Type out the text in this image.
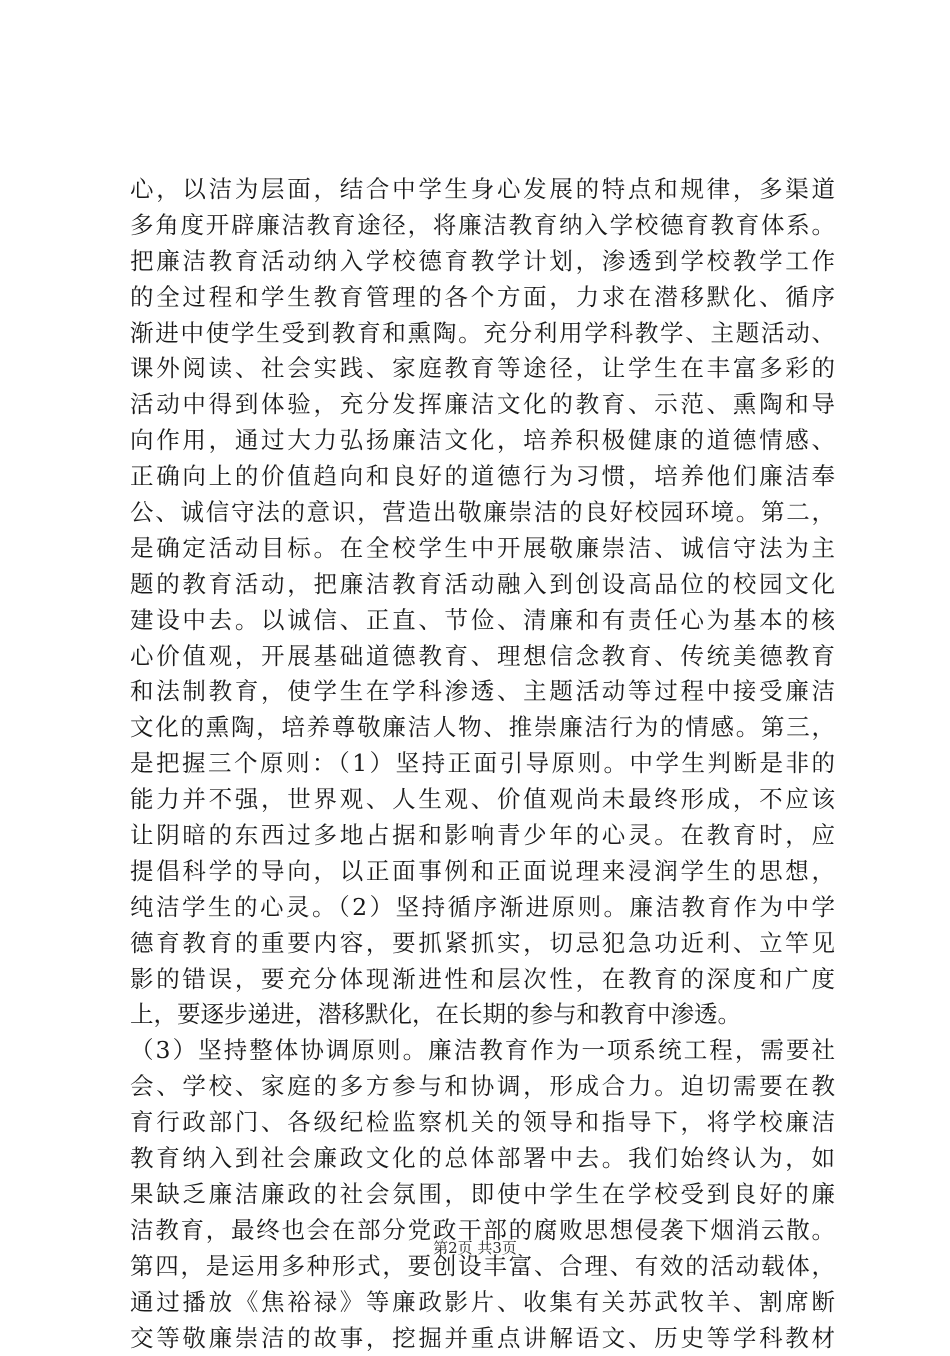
心，以洁为层面，结合中学生身心发展的特点和规律，多渠道
多角度开辟廉洁教育途径，将廉洁教育纳入学校德育教育体系。
把廉洁教育活动纳入学校德育教学计划，渗透到学校教学工作
的全过程和学生教育管理的各个方面，力求在潜移默化、循序
渐进中使学生受到教育和熏陶。充分利用学科教学、主题活动、
课外阅读、社会实践、家庭教育等途径，让学生在丰富多彩的
活动中得到体验，充分发挥廉洁文化的教育、示范、熏陶和导
向作用，通过大力弘扬廉洁文化，培养积极健康的道德情感、
正确向上的价值趋向和良好的道德行为习惯，培养他们廉洁奉
公、诚信守法的意识，营造出敬廉崇洁的良好校园环境。第二，
是确定活动目标。在全校学生中开展敬廉崇洁、诚信守法为主
题的教育活动，把廉洁教育活动融入到创设高品位的校园文化
建设中去。以诚信、正直、节俭、清廉和有责任心为基本的核
心价值观，开展基础道德教育、理想信念教育、传统美德教育
和法制教育，使学生在学科渗透、主题活动等过程中接受廉洁
文化的熏陶，培养尊敬廉洁人物、推崇廉洁行为的情感。第三，
是把握三个原则：（1）坚持正面引导原则。中学生判断是非的
能力并不强，世界观、人生观、价值观尚未最终形成，不应该
让阴暗的东西过多地占据和影响青少年的心灵。在教育时，应
提倡科学的导向，以正面事例和正面说理来浸润学生的思想，
纯洁学生的心灵。（2）坚持循序渐进原则。廉洁教育作为中学
德育教育的重要内容，要抓紧抓实，切忌犯急功近利、立竿见
影的错误，要充分体现渐进性和层次性，在教育的深度和广度
上，要逐步递进，潜移默化，在长期的参与和教育中渗透。
（3）坚持整体协调原则。廉洁教育作为一项系统工程，需要社
会、学校、家庭的多方参与和协调，形成合力。迫切需要在教
育行政部门、各级纪检监察机关的领导和指导下，将学校廉洁
教育纳入到社会廉政文化的总体部署中去。我们始终认为，如
果缺乏廉洁廉政的社会氛围，即使中学生在学校受到良好的廉
洁教育，最终也会在部分党政干部的腐败思想侵袭下烟消云散。
第四，是运用多种形式，要创设丰富、合理、有效的活动载体，
通过播放《焦裕禄》等廉政影片、收集有关苏武牧羊、割席断
交等敬廉崇洁的故事，挖掘并重点讲解语文、历史等学科教材
第2页 共3页
